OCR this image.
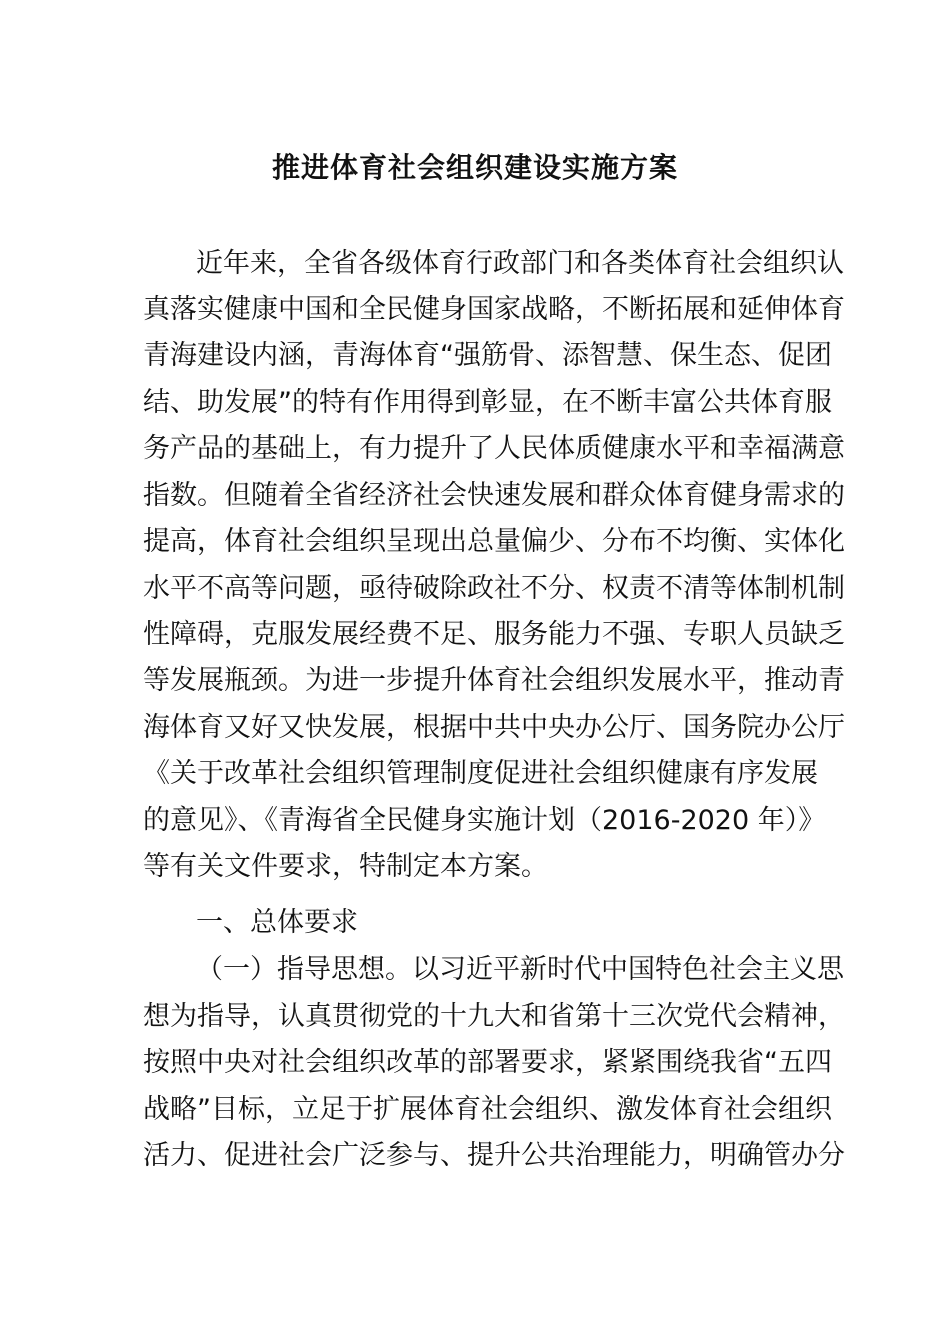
推进体育社会组织建设实施方案

近年来，全省各级体育行政部门和各类体育社会组织认

真落实健康中国和全民健身国家战略，不断拓展和延伸体育

青海建设内涵，青海体育“强筋骨、添智慧、保生态、促团

结、助发展”的特有作用得到彰显，在不断丰富公共体育服

务产品的基础上，有力提升了人民体质健康水平和幸福满意

指数。但随着全省经济社会快速发展和群众体育健身需求的

提高，体育社会组织呈现出总量偏少、分布不均衡、实体化

水平不高等问题，亟待破除政社不分、权责不清等体制机制

性障碍，克服发展经费不足、服务能力不强、专职人员缺乏

等发展瓶颈。为进一步提升体育社会组织发展水平，推动青

海体育又好又快发展，根据中共中央办公厅、国务院办公厅

《关于改革社会组织管理制度促进社会组织健康有序发展

的意见》、《青海省全民健身实施计划（2016-2020 年）》

等有关文件要求，特制定本方案。

一、总体要求

（一）指导思想。以习近平新时代中国特色社会主义思

想为指导，认真贯彻党的十九大和省第十三次党代会精神，

按照中央对社会组织改革的部署要求，紧紧围绕我省“五四

战略”目标，立足于扩展体育社会组织、激发体育社会组织

活力、促进社会广泛参与、提升公共治理能力，明确管办分
